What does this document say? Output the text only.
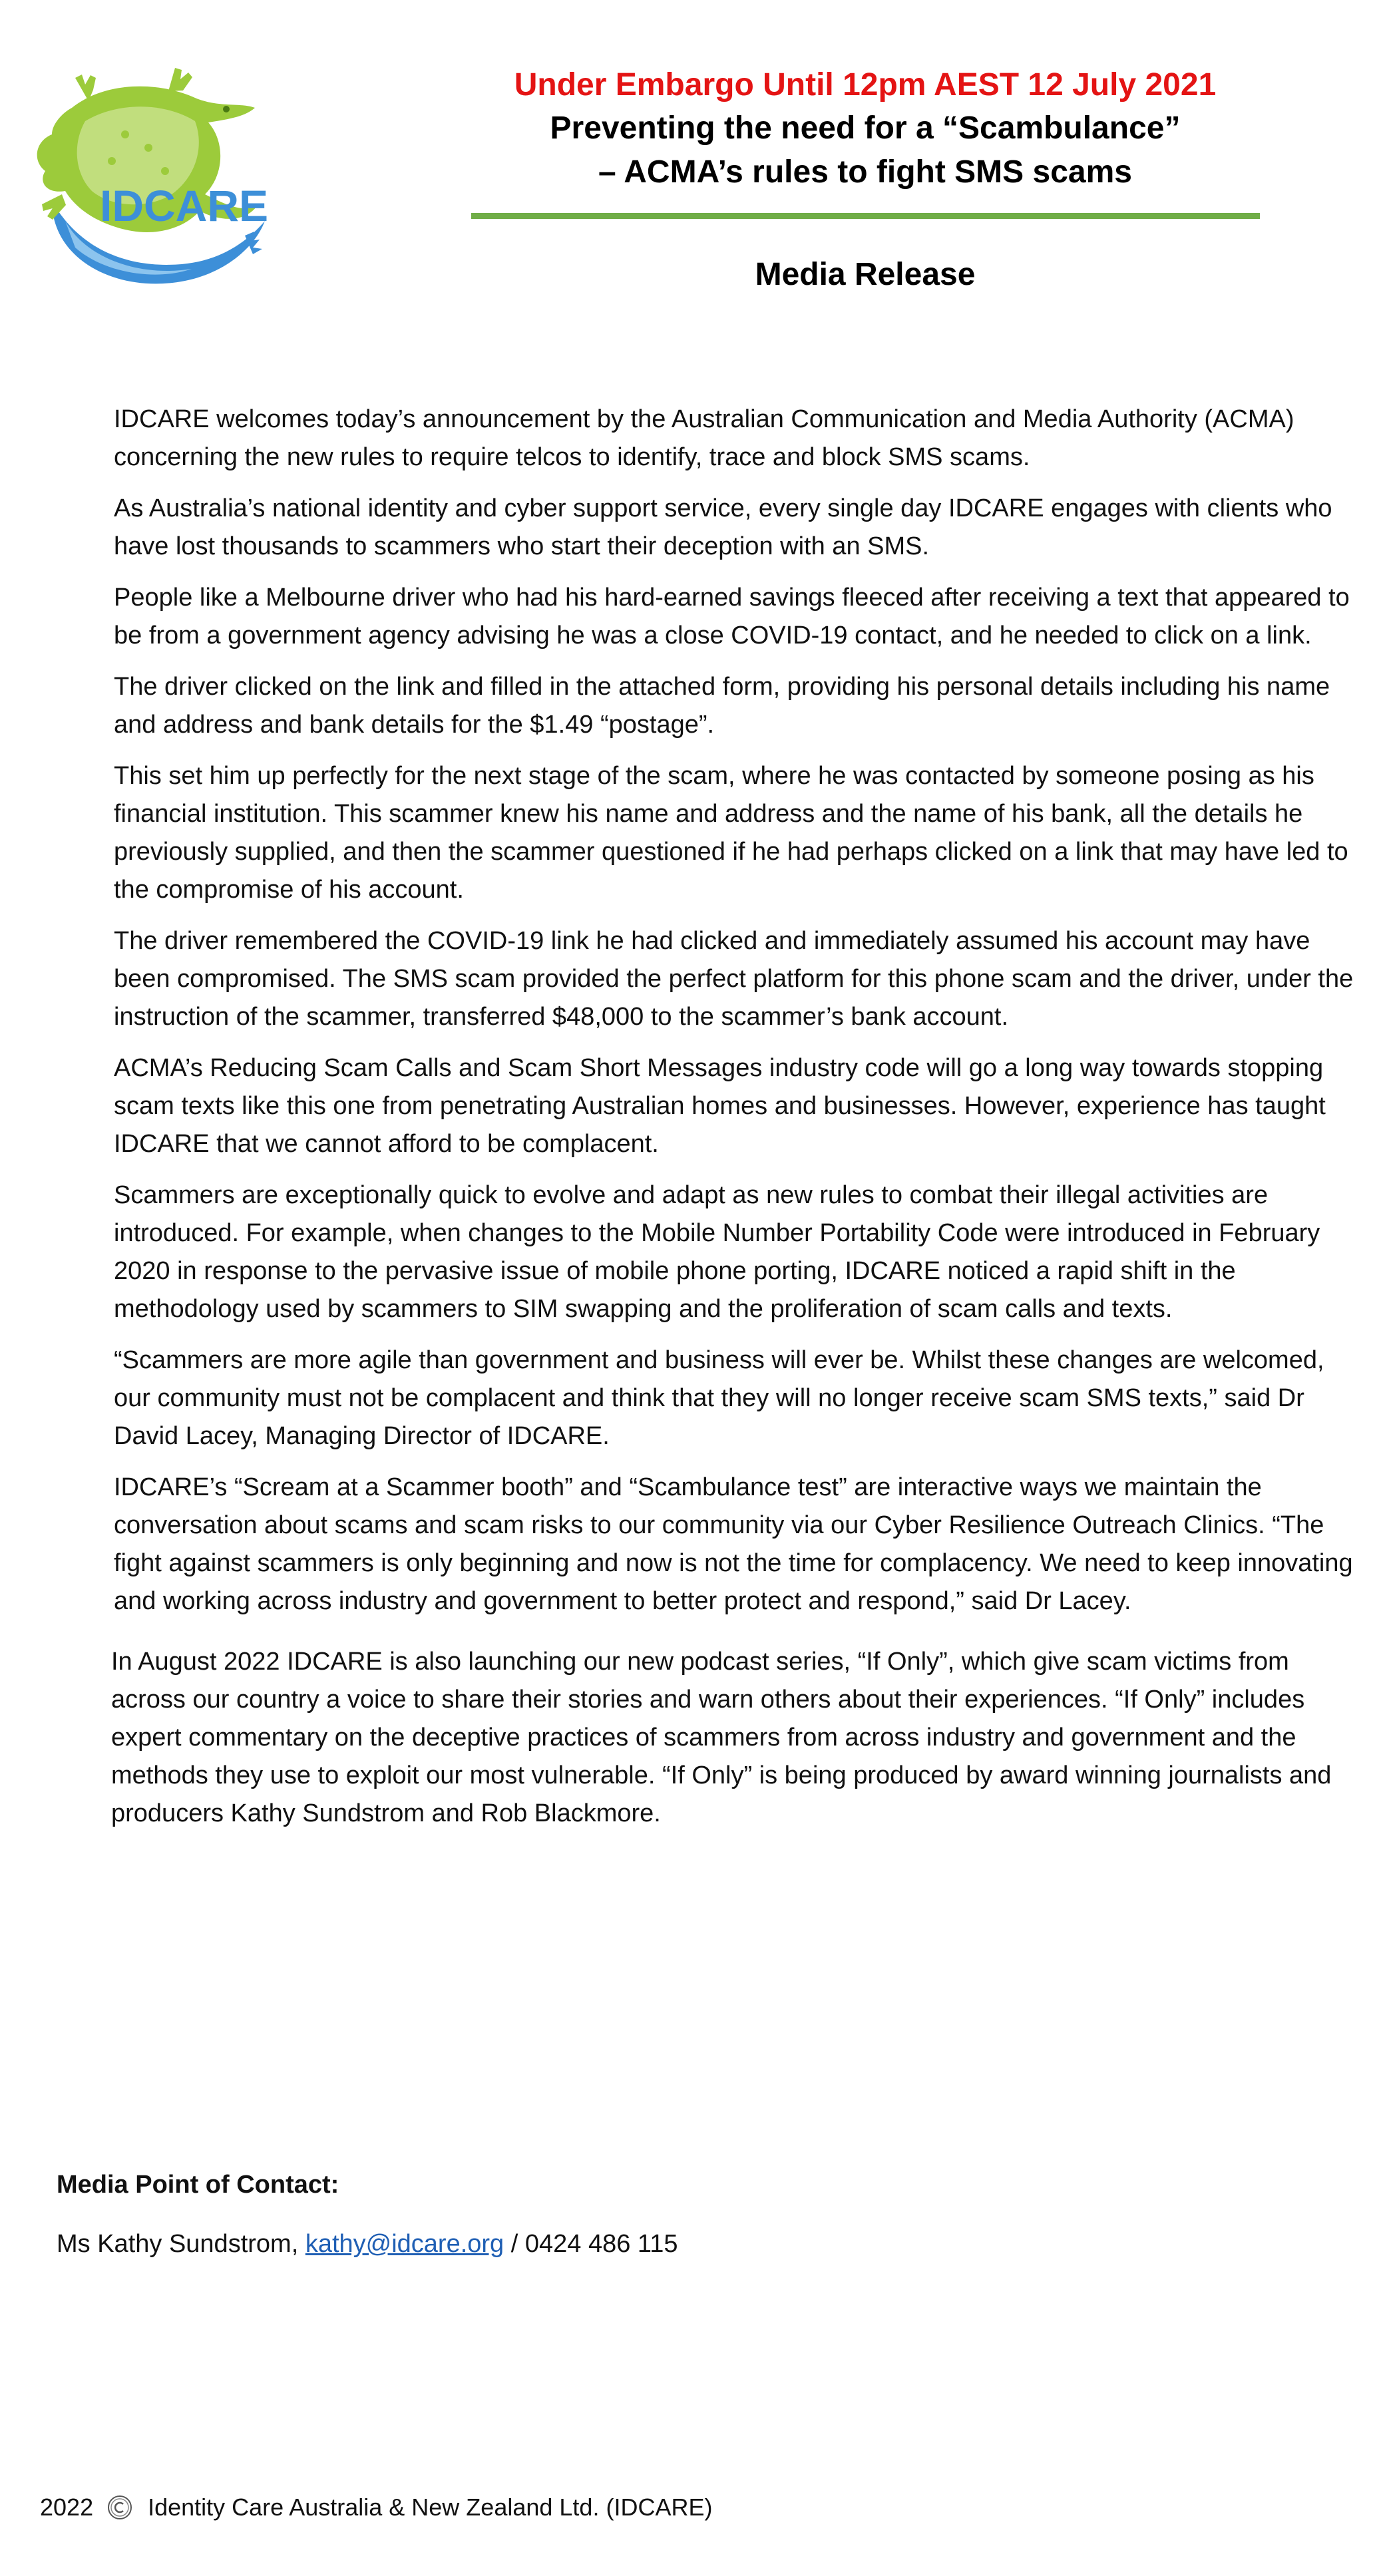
IDCARE

Under Embargo Until 12pm AEST 12 July 2021

Preventing the need for a “Scambulance”

– ACMA’s rules to fight SMS scams

Media Release

IDCARE welcomes today’s announcement by the Australian Communication and Media Authority (ACMA) concerning the new rules to require telcos to identify, trace and block SMS scams.

As Australia’s national identity and cyber support service, every single day IDCARE engages with clients who have lost thousands to scammers who start their deception with an SMS.

People like a Melbourne driver who had his hard-earned savings fleeced after receiving a text that appeared to be from a government agency advising he was a close COVID-19 contact, and he needed to click on a link.

The driver clicked on the link and filled in the attached form, providing his personal details including his name and address and bank details for the $1.49 “postage”.

This set him up perfectly for the next stage of the scam, where he was contacted by someone posing as his financial institution. This scammer knew his name and address and the name of his bank, all the details he previously supplied, and then the scammer questioned if he had perhaps clicked on a link that may have led to the compromise of his account.

The driver remembered the COVID-19 link he had clicked and immediately assumed his account may have been compromised. The SMS scam provided the perfect platform for this phone scam and the driver, under the instruction of the scammer, transferred $48,000 to the scammer’s bank account.

ACMA’s Reducing Scam Calls and Scam Short Messages industry code will go a long way towards stopping scam texts like this one from penetrating Australian homes and businesses. However, experience has taught IDCARE that we cannot afford to be complacent.

Scammers are exceptionally quick to evolve and adapt as new rules to combat their illegal activities are introduced. For example, when changes to the Mobile Number Portability Code were introduced in February 2020 in response to the pervasive issue of mobile phone porting, IDCARE noticed a rapid shift in the methodology used by scammers to SIM swapping and the proliferation of scam calls and texts.

“Scammers are more agile than government and business will ever be. Whilst these changes are welcomed, our community must not be complacent and think that they will no longer receive scam SMS texts,” said Dr David Lacey, Managing Director of IDCARE.

IDCARE’s “Scream at a Scammer booth” and “Scambulance test” are interactive ways we maintain the conversation about scams and scam risks to our community via our Cyber Resilience Outreach Clinics. “The fight against scammers is only beginning and now is not the time for complacency. We need to keep innovating and working across industry and government to better protect and respond,” said Dr Lacey.

In August 2022 IDCARE is also launching our new podcast series, “If Only”, which give scam victims from across our country a voice to share their stories and warn others about their experiences. “If Only” includes expert commentary on the deceptive practices of scammers from across industry and government and the methods they use to exploit our most vulnerable. “If Only” is being produced by award winning journalists and producers Kathy Sundstrom and Rob Blackmore.

Media Point of Contact:

Ms Kathy Sundstrom, kathy@idcare.org / 0424 486 115

2022 Identity Care Australia & New Zealand Ltd. (IDCARE)
